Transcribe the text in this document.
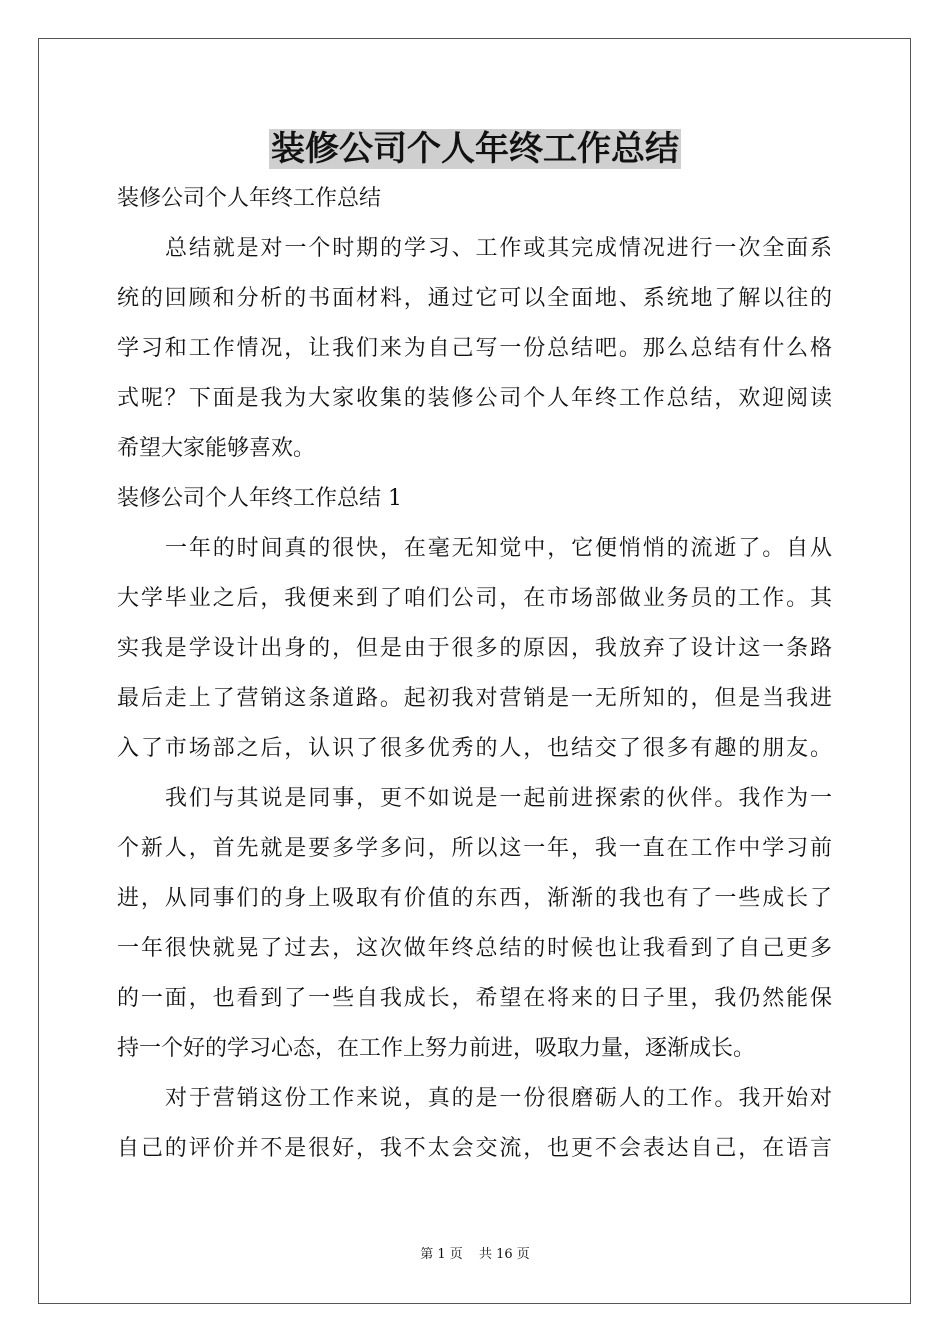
装修公司个人年终工作总结
装修公司个人年终工作总结
总结就是对一个时期的学习、工作或其完成情况进行一次全面系
统的回顾和分析的书面材料，通过它可以全面地、系统地了解以往的
学习和工作情况，让我们来为自己写一份总结吧。那么总结有什么格
式呢？下面是我为大家收集的装修公司个人年终工作总结，欢迎阅读
希望大家能够喜欢。
装修公司个人年终工作总结 1
一年的时间真的很快，在毫无知觉中，它便悄悄的流逝了。自从
大学毕业之后，我便来到了咱们公司，在市场部做业务员的工作。其
实我是学设计出身的，但是由于很多的原因，我放弃了设计这一条路
最后走上了营销这条道路。起初我对营销是一无所知的，但是当我进
入了市场部之后，认识了很多优秀的人，也结交了很多有趣的朋友。
我们与其说是同事，更不如说是一起前进探索的伙伴。我作为一
个新人，首先就是要多学多问，所以这一年，我一直在工作中学习前
进，从同事们的身上吸取有价值的东西，渐渐的我也有了一些成长了
一年很快就晃了过去，这次做年终总结的时候也让我看到了自己更多
的一面，也看到了一些自我成长，希望在将来的日子里，我仍然能保
持一个好的学习心态，在工作上努力前进，吸取力量，逐渐成长。
对于营销这份工作来说，真的是一份很磨砺人的工作。我开始对
自己的评价并不是很好，我不太会交流，也更不会表达自己，在语言
第 1 页 共 16 页
